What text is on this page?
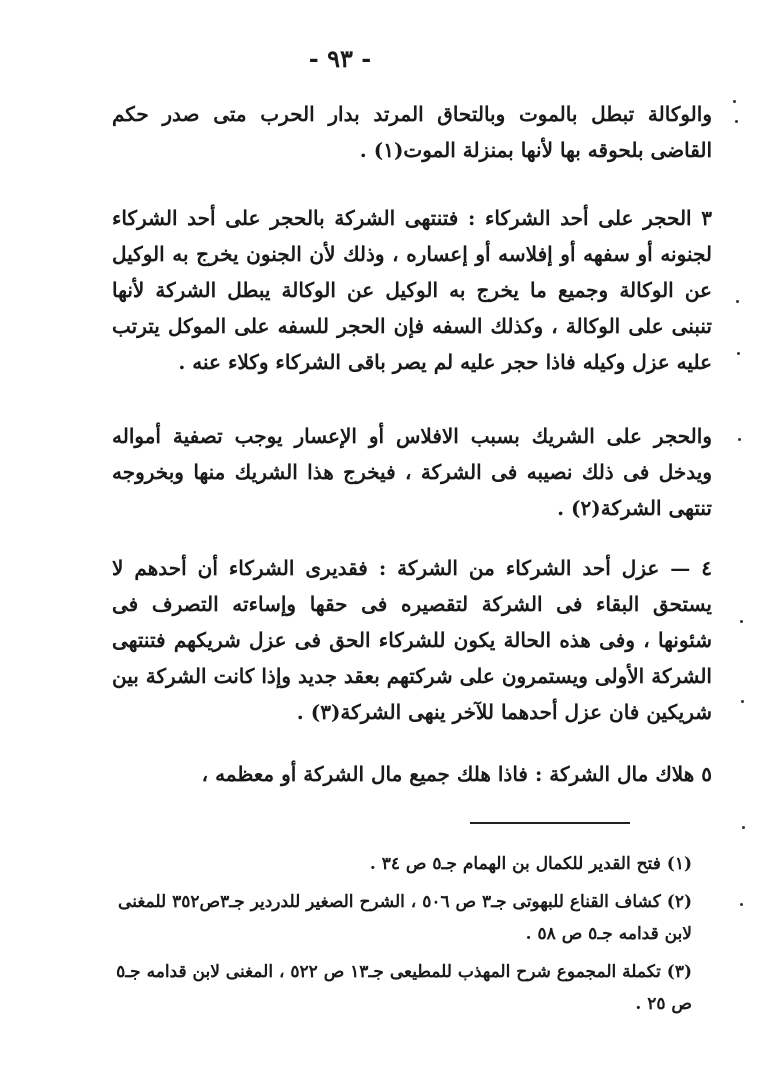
- ٩٣ -

والوكالة تبطل بالموت وبالتحاق المرتد بدار الحرب متى صدر حكم القاضى بلحوقه بها لأنها بمنزلة الموت(١) .

٣ الحجر على أحد الشركاء : فتنتهى الشركة بالحجر على أحد الشركاء لجنونه أو سفهه أو إفلاسه أو إعساره ، وذلك لأن الجنون يخرج به الوكيل عن الوكالة وجميع ما يخرج به الوكيل عن الوكالة يبطل الشركة لأنها تنبنى على الوكالة ، وكذلك السفه فإن الحجر للسفه على الموكل يترتب عليه عزل وكيله فاذا حجر عليه لم يصر باقى الشركاء وكلاء عنه .

والحجر على الشريك بسبب الافلاس أو الإعسار يوجب تصفية أمواله ويدخل فى ذلك نصيبه فى الشركة ، فيخرج هذا الشريك منها وبخروجه تنتهى الشركة(٢) .

٤ — عزل أحد الشركاء من الشركة : فقديرى الشركاء أن أحدهم لا يستحق البقاء فى الشركة لتقصيره فى حقها وإساءته التصرف فى شئونها ، وفى هذه الحالة يكون للشركاء الحق فى عزل شريكهم فتنتهى الشركة الأولى ويستمرون على شركتهم بعقد جديد وإذا كانت الشركة بين شريكين فان عزل أحدهما للآخر ينهى الشركة(٣) .

٥ هلاك مال الشركة : فاذا هلك جميع مال الشركة أو معظمه ،

(١) فتح القدير للكمال بن الهمام جـ٥ ص ٣٤ .

(٢) كشاف القناع للبهوتى جـ٣ ص ٥٠٦ ، الشرح الصغير للدردير جـ٣ص٣٥٢ للمغنى لابن قدامه جـ٥ ص ٥٨ .

(٣) تكملة المجموع شرح المهذب للمطيعى جـ١٣ ص ٥٢٢ ، المغنى لابن قدامه جـ٥ ص ٢٥ .
